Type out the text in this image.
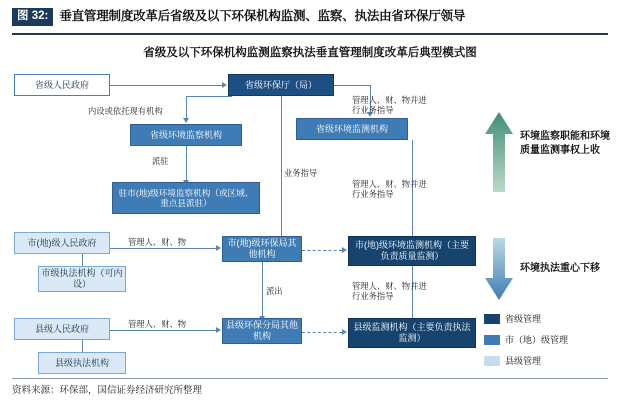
图 32: 垂直管理制度改革后省级及以下环保机构监测、监察、执法由省环保厅领导
省级及以下环保机构监测监察执法垂直管理制度改革后典型模式图
省级人民政府	省级环保厅（局）
内设或依托现有机构
省级环境监察机构
省级环境监测机构
管理人、财、物并进
行业务指导
派驻
驻市(地)级环境监察机构（或区域、重点县派驻）
业务指导
管理人、财、物并进
行业务指导
市(地)级人民政府	市(地)级环保局其他机构
市(地)级环境监测机构（主要负责质量监测）
管理人、财、物
市级执法机构（可内设）
派出	管理人、财、物并进
行业务指导
县级人民政府	县级环保分局其他机构
县级监测机构（主要负责执法监测）
管理人、财、物
县级执法机构
环境监察职能和环境质量监测事权上收
环境执法重心下移
省级管理
市（地）级管理
县级管理
资料来源：环保部，国信证券经济研究所整理
